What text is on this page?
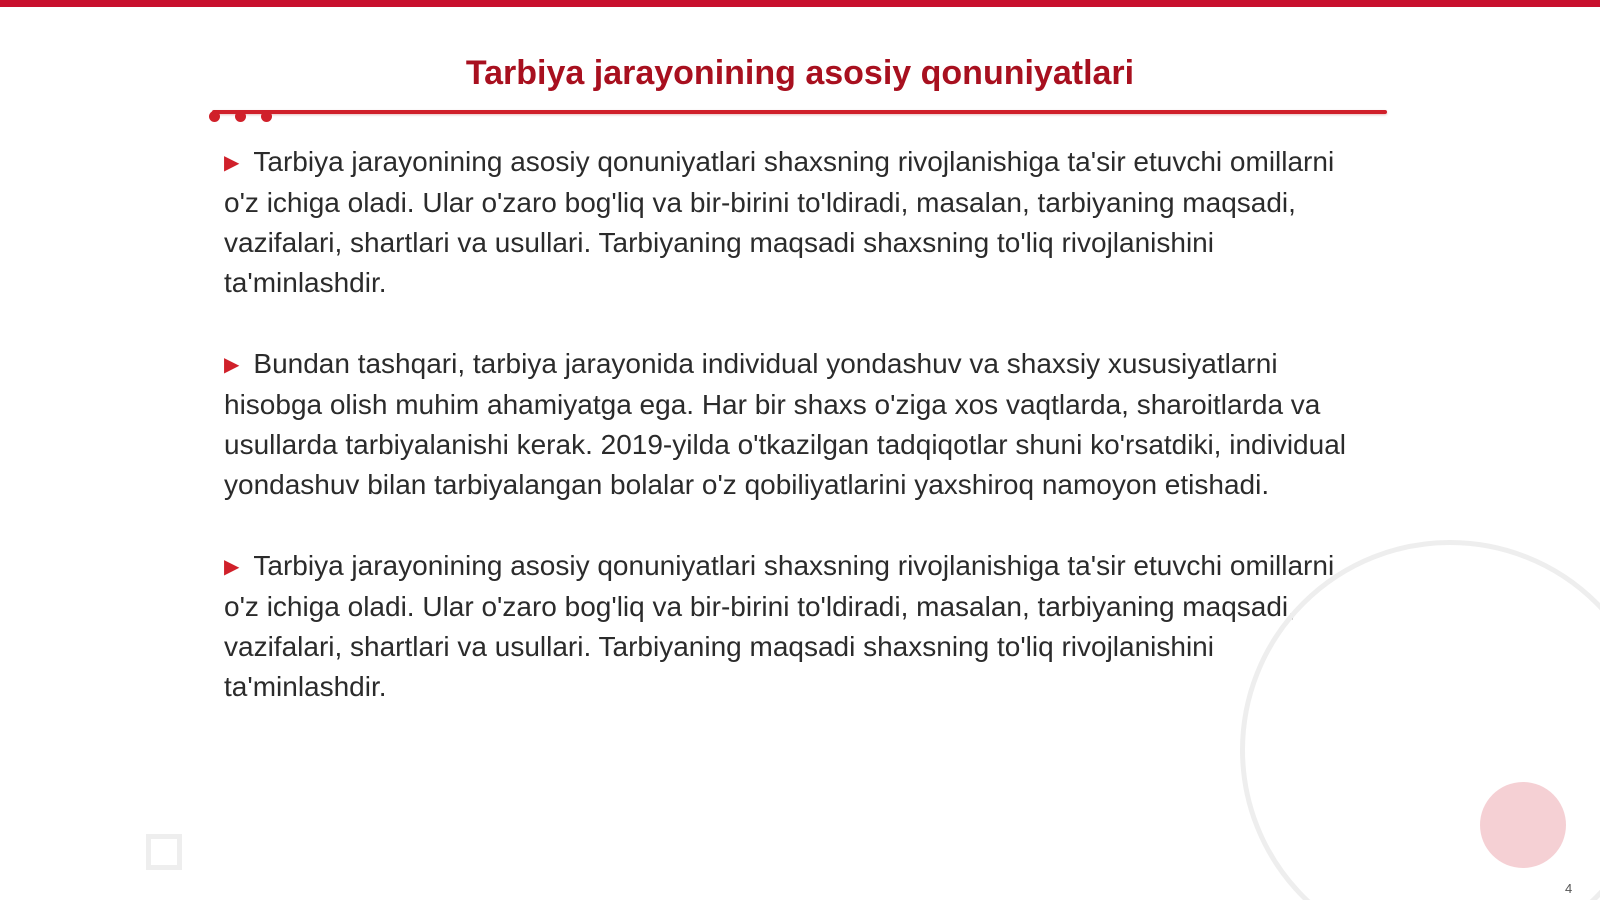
Tarbiya jarayonining asosiy qonuniyatlari

▶ Tarbiya jarayonining asosiy qonuniyatlari shaxsning rivojlanishiga ta'sir etuvchi omillarni o'z ichiga oladi. Ular o'zaro bog'liq va bir-birini to'ldiradi, masalan, tarbiyaning maqsadi, vazifalari, shartlari va usullari. Tarbiyaning maqsadi shaxsning to'liq rivojlanishini ta'minlashdir.

▶ Bundan tashqari, tarbiya jarayonida individual yondashuv va shaxsiy xususiyatlarni hisobga olish muhim ahamiyatga ega. Har bir shaxs o'ziga xos vaqtlarda, sharoitlarda va usullarda tarbiyalanishi kerak. 2019-yilda o'tkazilgan tadqiqotlar shuni ko'rsatdiki, individual yondashuv bilan tarbiyalangan bolalar o'z qobiliyatlarini yaxshiroq namoyon etishadi.

▶ Tarbiya jarayonining asosiy qonuniyatlari shaxsning rivojlanishiga ta'sir etuvchi omillarni o'z ichiga oladi. Ular o'zaro bog'liq va bir-birini to'ldiradi, masalan, tarbiyaning maqsadi, vazifalari, shartlari va usullari. Tarbiyaning maqsadi shaxsning to'liq rivojlanishini ta'minlashdir.

4
